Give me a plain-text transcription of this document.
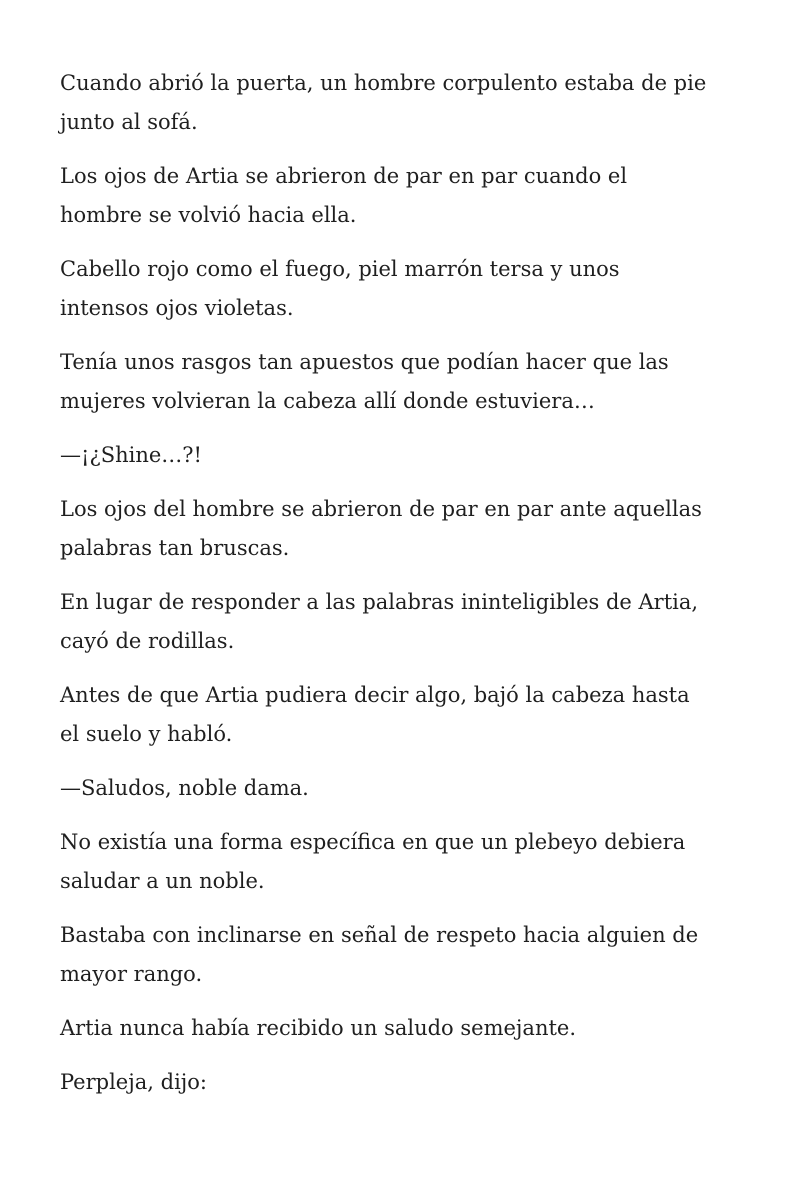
Cuando abrió la puerta, un hombre corpulento estaba de pie
junto al sofá.

Los ojos de Artia se abrieron de par en par cuando el
hombre se volvió hacia ella.

Cabello rojo como el fuego, piel marrón tersa y unos
intensos ojos violetas.

Tenía unos rasgos tan apuestos que podían hacer que las
mujeres volvieran la cabeza allí donde estuviera…

—¡¿Shine…?!

Los ojos del hombre se abrieron de par en par ante aquellas
palabras tan bruscas.

En lugar de responder a las palabras ininteligibles de Artia,
cayó de rodillas.

Antes de que Artia pudiera decir algo, bajó la cabeza hasta
el suelo y habló.

—Saludos, noble dama.

No existía una forma específica en que un plebeyo debiera
saludar a un noble.

Bastaba con inclinarse en señal de respeto hacia alguien de
mayor rango.

Artia nunca había recibido un saludo semejante.

Perpleja, dijo:
